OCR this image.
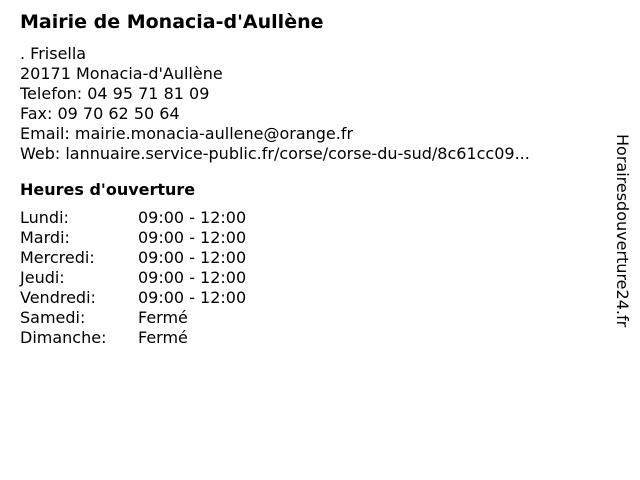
Mairie de Monacia-d'Aullène
. Frisella
20171 Monacia-d'Aullène
Telefon: 04 95 71 81 09
Fax: 09 70 62 50 64
Email: mairie.monacia-aullene@orange.fr
Web: lannuaire.service-public.fr/corse/corse-du-sud/8c61cc09...
Heures d'ouverture
Lundi:	09:00 - 12:00
Mardi:	09:00 - 12:00
Mercredi:	09:00 - 12:00
Jeudi:	09:00 - 12:00
Vendredi:	09:00 - 12:00
Samedi:	Fermé
Dimanche:	Fermé
Horairesdouverture24.fr
